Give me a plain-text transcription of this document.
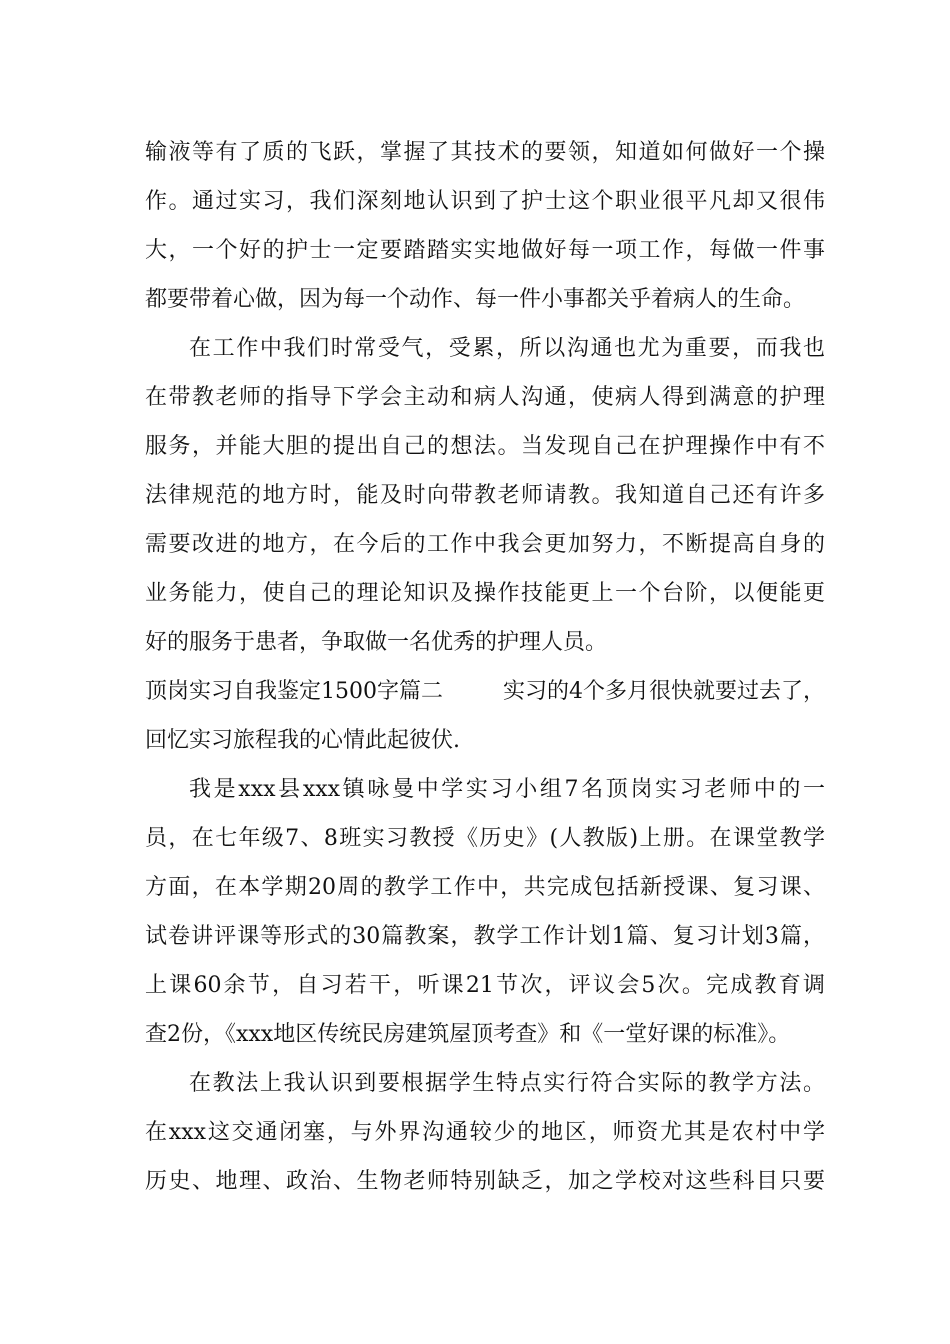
输液等有了质的飞跃，掌握了其技术的要领，知道如何做好一个操
作。通过实习，我们深刻地认识到了护士这个职业很平凡却又很伟
大，一个好的护士一定要踏踏实实地做好每一项工作，每做一件事
都要带着心做，因为每一个动作、每一件小事都关乎着病人的生命。
在工作中我们时常受气，受累，所以沟通也尤为重要，而我也
在带教老师的指导下学会主动和病人沟通，使病人得到满意的护理
服务，并能大胆的提出自己的想法。当发现自己在护理操作中有不
法律规范的地方时，能及时向带教老师请教。我知道自己还有许多
需要改进的地方，在今后的工作中我会更加努力，不断提高自身的
业务能力，使自己的理论知识及操作技能更上一个台阶，以便能更
好的服务于患者，争取做一名优秀的护理人员。
顶岗实习自我鉴定1500字篇二	实习的4个多月很快就要过去了，
回忆实习旅程我的心情此起彼伏.
我是xxx县xxx镇咏曼中学实习小组7名顶岗实习老师中的一
员，在七年级7、8班实习教授《历史》(人教版)上册。在课堂教学
方面，在本学期20周的教学工作中，共完成包括新授课、复习课、
试卷讲评课等形式的30篇教案，教学工作计划1篇、复习计划3篇，
上课60余节，自习若干，听课21节次，评议会5次。完成教育调
查2份，《xxx地区传统民房建筑屋顶考查》和《一堂好课的标准》。
在教法上我认识到要根据学生特点实行符合实际的教学方法。
在xxx这交通闭塞，与外界沟通较少的地区，师资尤其是农村中学
历史、地理、政治、生物老师特别缺乏，加之学校对这些科目只要
